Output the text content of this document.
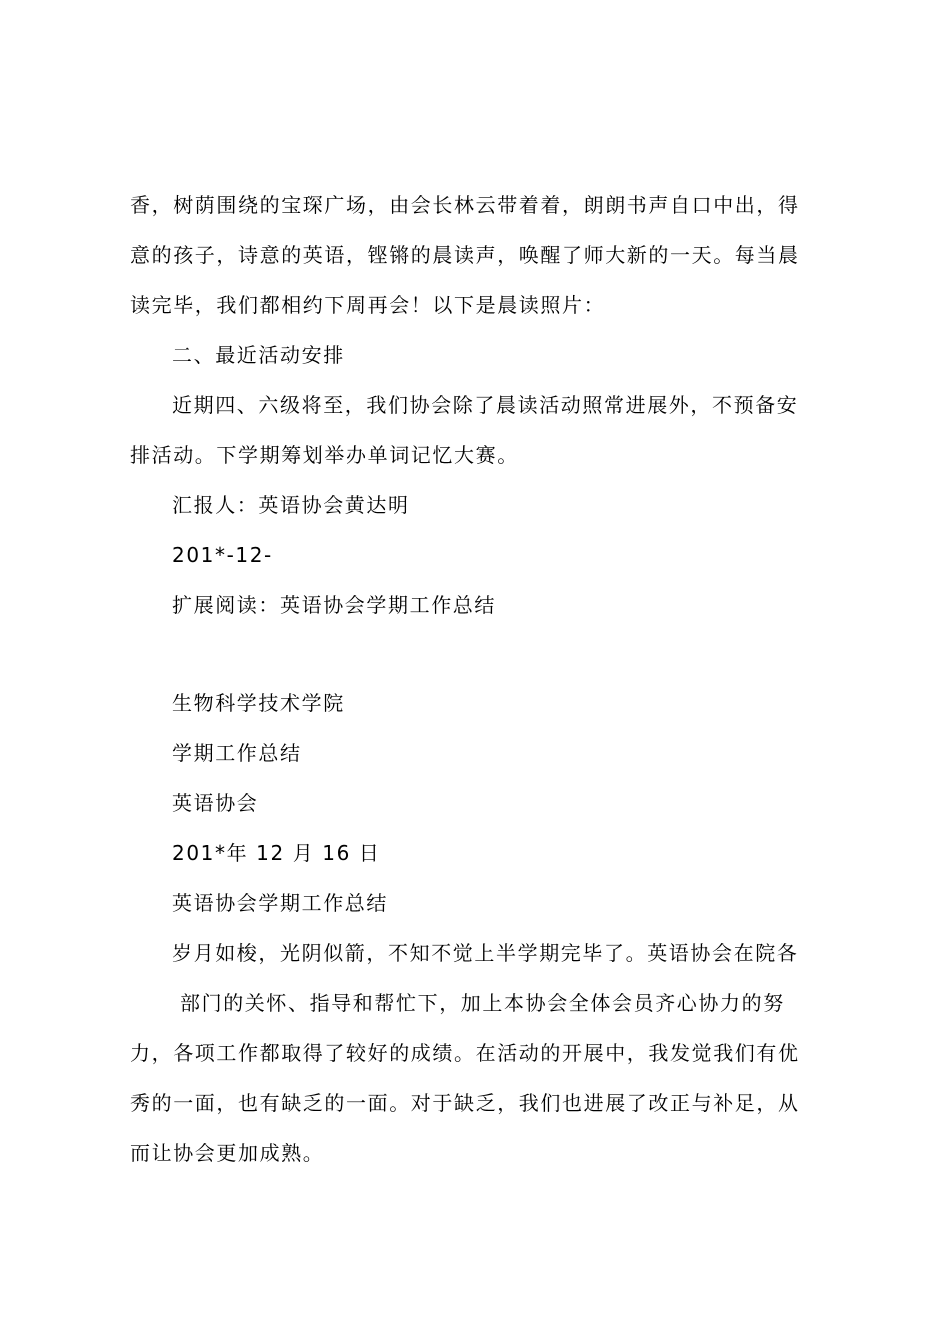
香，树荫围绕的宝琛广场，由会长林云带着着，朗朗书声自口中出，得
意的孩子，诗意的英语，铿锵的晨读声，唤醒了师大新的一天。每当晨
读完毕，我们都相约下周再会！以下是晨读照片：
二、最近活动安排
近期四、六级将至，我们协会除了晨读活动照常进展外，不预备安
排活动。下学期筹划举办单词记忆大赛。
汇报人：英语协会黄达明
201*-12-
扩展阅读：英语协会学期工作总结
生物科学技术学院
学期工作总结
英语协会
201*年 12 月 16 日
英语协会学期工作总结
岁月如梭，光阴似箭，不知不觉上半学期完毕了。英语协会在院各
部门的关怀、指导和帮忙下，加上本协会全体会员齐心协力的努
力，各项工作都取得了较好的成绩。在活动的开展中，我发觉我们有优
秀的一面，也有缺乏的一面。对于缺乏，我们也进展了改正与补足，从
而让协会更加成熟。
